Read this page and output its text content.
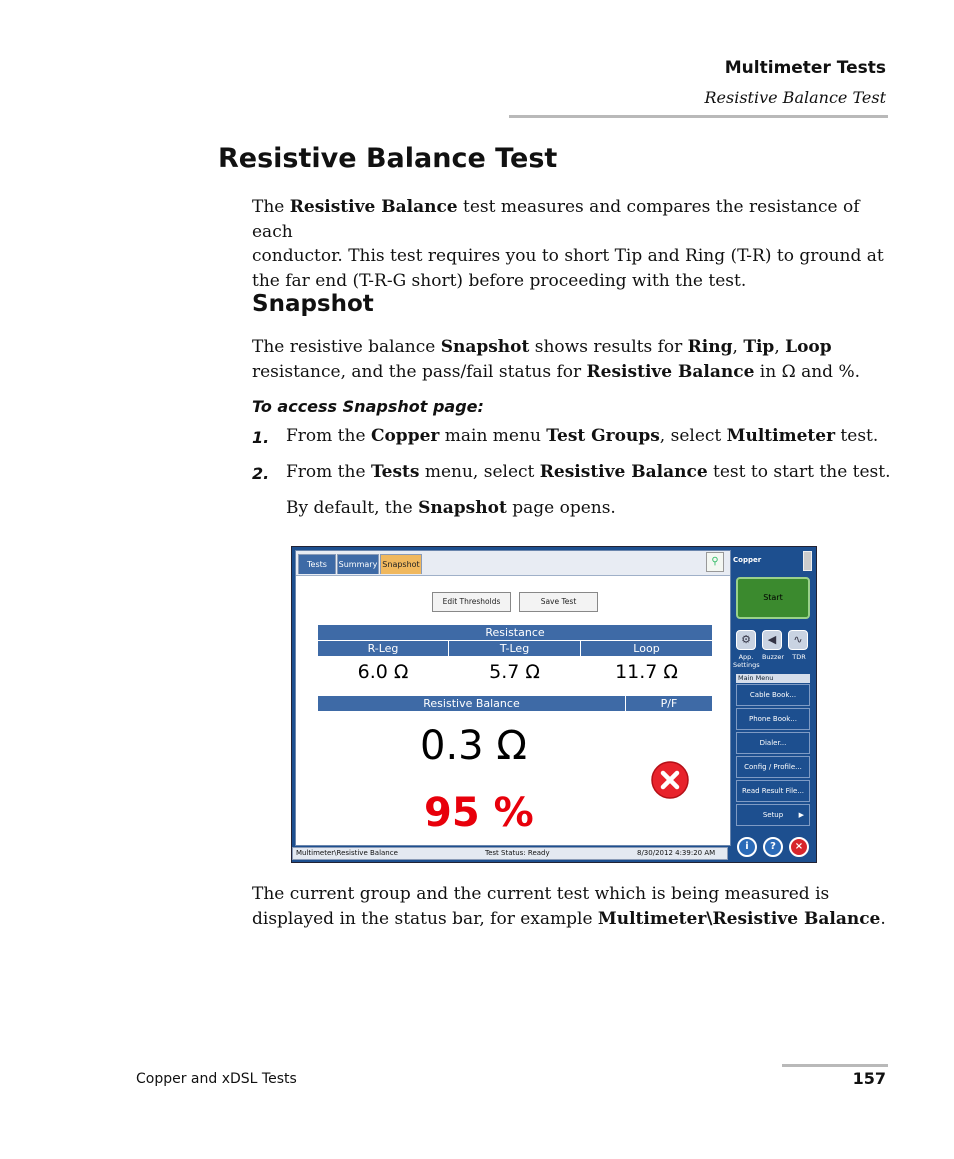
Multimeter Tests
Resistive Balance Test
Resistive Balance Test
The Resistive Balance test measures and compares the resistance of each
conductor. This test requires you to short Tip and Ring (T-R) to ground at
the far end (T-R-G short) before proceeding with the test.
Snapshot
The resistive balance Snapshot shows results for Ring, Tip, Loop
resistance, and the pass/fail status for Resistive Balance in Ω and %.
To access Snapshot page:
1. From the Copper main menu Test Groups, select Multimeter test.
2. From the Tests menu, select Resistive Balance test to start the test.
By default, the Snapshot page opens.
Tests	Summary Snapshot	⚲
Edit Thresholds	Save Test
Resistance
R-Leg	T-Leg	Loop
6.0 Ω	5.7 Ω	11.7 Ω
Resistive Balance	P/F
0.3 Ω
95 %
Multimeter\Resistive Balance	Test Status: Ready	8/30/2012 4:39:20 AM
Copper
Start
⚙	◀	∿
App. Settings
Buzzer	TDR
Main Menu
Cable Book...
Phone Book...
Dialer...
Config / Profile...
Read Result File...
Setup ▶
i	?	×
The current group and the current test which is being measured is
displayed in the status bar, for example Multimeter\Resistive Balance.
Copper and xDSL Tests	157
